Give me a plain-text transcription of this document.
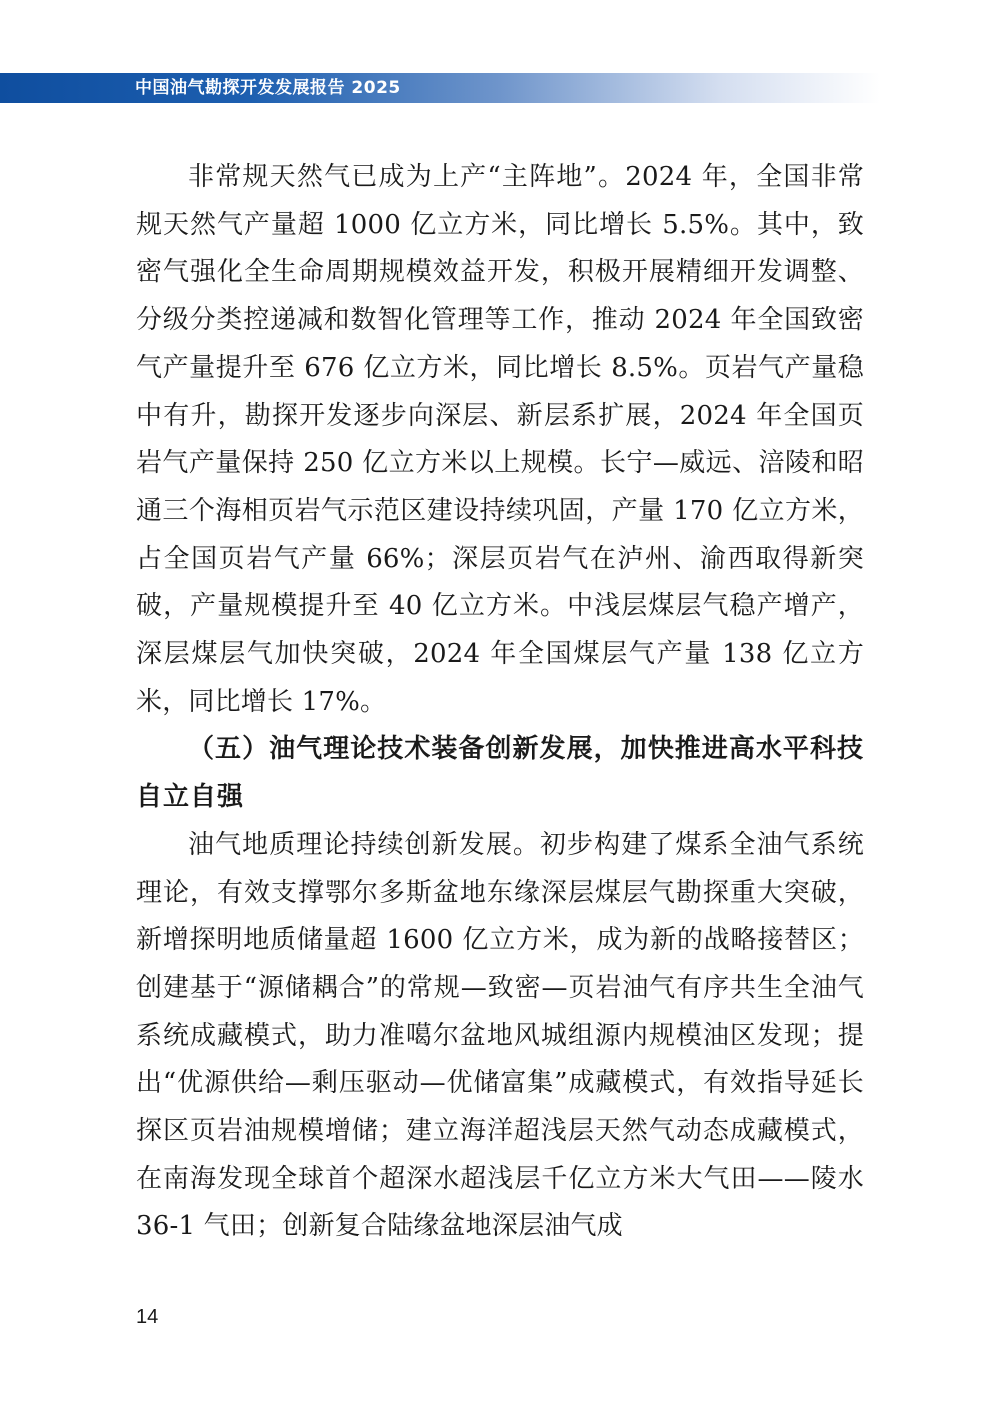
中国油气勘探开发发展报告 2025

非常规天然气已成为上产“主阵地”。2024 年，全国非常规天然气产量超 1000 亿立方米，同比增长 5.5%。其中，致密气强化全生命周期规模效益开发，积极开展精细开发调整、分级分类控递减和数智化管理等工作，推动 2024 年全国致密气产量提升至 676 亿立方米，同比增长 8.5%。页岩气产量稳中有升，勘探开发逐步向深层、新层系扩展，2024 年全国页岩气产量保持 250 亿立方米以上规模。长宁—威远、涪陵和昭通三个海相页岩气示范区建设持续巩固，产量 170 亿立方米，占全国页岩气产量 66%；深层页岩气在泸州、渝西取得新突破，产量规模提升至 40 亿立方米。中浅层煤层气稳产增产，深层煤层气加快突破，2024 年全国煤层气产量 138 亿立方米，同比增长 17%。

（五）油气理论技术装备创新发展，加快推进高水平科技自立自强

油气地质理论持续创新发展。初步构建了煤系全油气系统理论，有效支撑鄂尔多斯盆地东缘深层煤层气勘探重大突破，新增探明地质储量超 1600 亿立方米，成为新的战略接替区；创建基于“源储耦合”的常规—致密—页岩油气有序共生全油气系统成藏模式，助力准噶尔盆地风城组源内规模油区发现；提出“优源供给—剩压驱动—优储富集”成藏模式，有效指导延长探区页岩油规模增储；建立海洋超浅层天然气动态成藏模式，在南海发现全球首个超深水超浅层千亿立方米大气田——陵水 36-1 气田；创新复合陆缘盆地深层油气成

14
